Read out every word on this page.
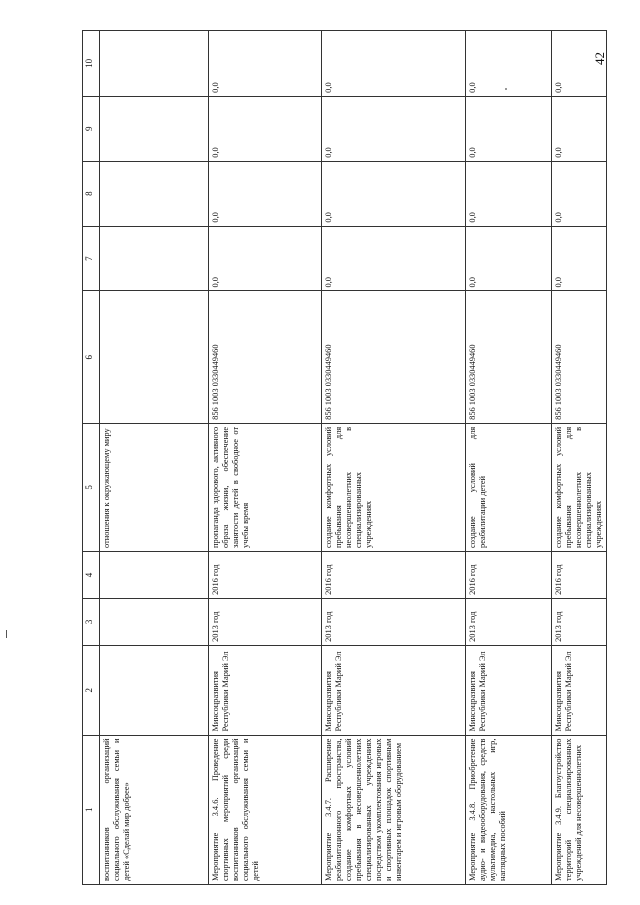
42
1	2	3	4	5	6	7	8	9	10
воспитанников организаций социального обслуживания семьи и детей «Сделай мир добрее»				отношения к окружающему миру					
Мероприятие 3.4.6. Проведение спортивных мероприятий среди воспитанников организаций социального обслуживания семьи и детей	Минсоцразвития Республики Марий Эл	2013 год	2016 год	пропаганда здорового, активного образа жизни, обеспечение занятости детей в свободное от учебы время	856 1003 0330449460	0,0	0,0	0,0	0,0
Мероприятие 3.4.7. Расширение реабилитационного пространства, создание комфортных условий пребывания в несовершеннолетних специализированных учреждениях посредством укомплектования игровых и спортивных площадок спортивным инвентарем и игровым оборудованием	Минсоцразвития Республики Марий Эл	2013 год	2016 год	создание комфортных условий пребывания для несовершеннолетних в специализированных учреждениях	856 1003 0330449460	0,0	0,0	0,0	0,0
Мероприятие 3.4.8. Приобретение аудио- и видеооборудования, средств мультимедиа, настольных игр, наглядных пособий	Минсоцразвития Республики Марий Эл	2013 год	2016 год	создание условий для реабилитации детей	856 1003 0330449460	0,0	0,0	0,0	0,0
Мероприятие 3.4.9. Благоустройство территорий специализированных учреждений для несовершеннолетних	Минсоцразвития Республики Марий Эл	2013 год	2016 год	создание комфортных условий пребывания для несовершеннолетних в специализированных учреждениях	856 1003 0330449460	0,0	0,0	0,0	0,0
